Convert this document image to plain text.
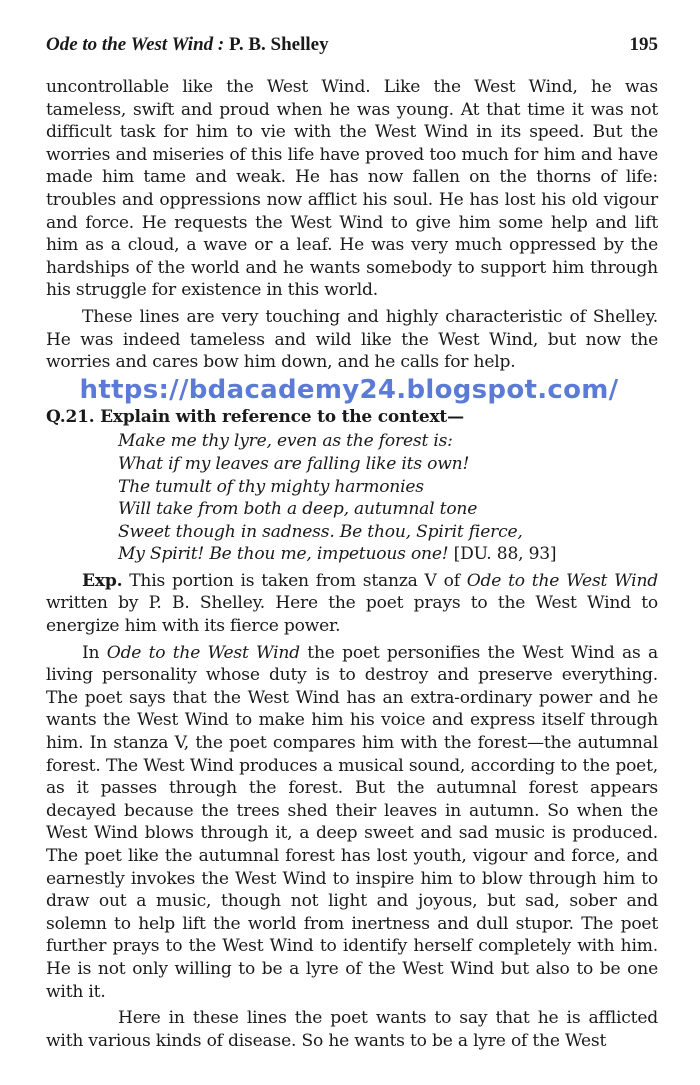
Ode to the West Wind : P. B. Shelley	195

uncontrollable like the West Wind. Like the West Wind, he was tameless, swift and proud when he was young. At that time it was not difficult task for him to vie with the West Wind in its speed. But the worries and miseries of this life have proved too much for him and have made him tame and weak. He has now fallen on the thorns of life: troubles and oppressions now afflict his soul. He has lost his old vigour and force. He requests the West Wind to give him some help and lift him as a cloud, a wave or a leaf. He was very much oppressed by the hardships of the world and he wants somebody to support him through his struggle for existence in this world.

These lines are very touching and highly characteristic of Shelley. He was indeed tameless and wild like the West Wind, but now the worries and cares bow him down, and he calls for help.

https://bdacademy24.blogspot.com/
Q.21. Explain with reference to the context—
Make me thy lyre, even as the forest is:
What if my leaves are falling like its own!
The tumult of thy mighty harmonies
Will take from both a deep, autumnal tone
Sweet though in sadness. Be thou, Spirit fierce,
My Spirit! Be thou me, impetuous one! [DU. 88, 93]

Exp. This portion is taken from stanza V of Ode to the West Wind written by P. B. Shelley. Here the poet prays to the West Wind to energize him with its fierce power.

In Ode to the West Wind the poet personifies the West Wind as a living personality whose duty is to destroy and preserve everything. The poet says that the West Wind has an extra-ordinary power and he wants the West Wind to make him his voice and express itself through him. In stanza V, the poet compares him with the forest—the autumnal forest. The West Wind produces a musical sound, according to the poet, as it passes through the forest. But the autumnal forest appears decayed because the trees shed their leaves in autumn. So when the West Wind blows through it, a deep sweet and sad music is produced. The poet like the autumnal forest has lost youth, vigour and force, and earnestly invokes the West Wind to inspire him to blow through him to draw out a music, though not light and joyous, but sad, sober and solemn to help lift the world from inertness and dull stupor. The poet further prays to the West Wind to identify herself completely with him. He is not only willing to be a lyre of the West Wind but also to be one with it.

Here in these lines the poet wants to say that he is afflicted with various kinds of disease. So he wants to be a lyre of the West
